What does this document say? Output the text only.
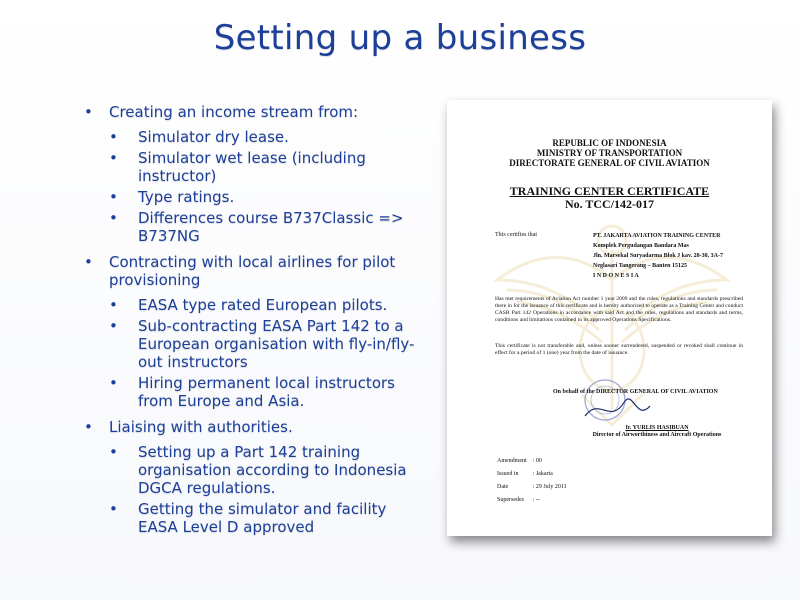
Setting up a business
• Creating an income stream from:
• Simulator dry lease.
• Simulator wet lease (including instructor)
• Type ratings.
• Differences course B737Classic => B737NG
• Contracting with local airlines for pilot provisioning
• EASA type rated European pilots.
• Sub-contracting EASA Part 142 to a European organisation with fly-in/fly-out instructors
• Hiring permanent local instructors from Europe and Asia.
• Liaising with authorities.
• Setting up a Part 142 training organisation according to Indonesia DGCA regulations.
• Getting the simulator and facility EASA Level D approved
REPUBLIC OF INDONESIA
MINISTRY OF TRANSPORTATION
DIRECTORATE GENERAL OF CIVIL AVIATION
TRAINING CENTER CERTIFICATE
No. TCC/142-017
This certifies that	PT. JAKARTA AVIATION TRAINING CENTER
Komplek Pergudangan Bandara Mas
Jln. Marsekal Suryadarma Blok J kav. 20-30, 3A-7
Neglasari Tangerang – Banten 15125
I N D O N E S I A
Has met requirements of Aviation Act number 1 year 2009 and the rules, regulations and standards prescribed there in for the issuance of this certificate and is hereby authorized to operate as a Training Center and conduct CASR Part 142 Operations in accordance with said Act and the rules, regulations and standards and terms, conditions and limitations contained in its approved Operations Specifications.
This certificate is not transferable and, unless sooner surrendered, suspended or revoked shall continue in effect for a period of 1 (one) year from the date of issuance.
On behalf of the DIRECTOR GENERAL OF CIVIL AVIATION
Ir. YURLIS HASIBUAN
Director of Airworthiness and Aircraft Operations
Amendment	: 00
Issued in	: Jakarta
Date	: 29 July 2011
Supersedes	: --
